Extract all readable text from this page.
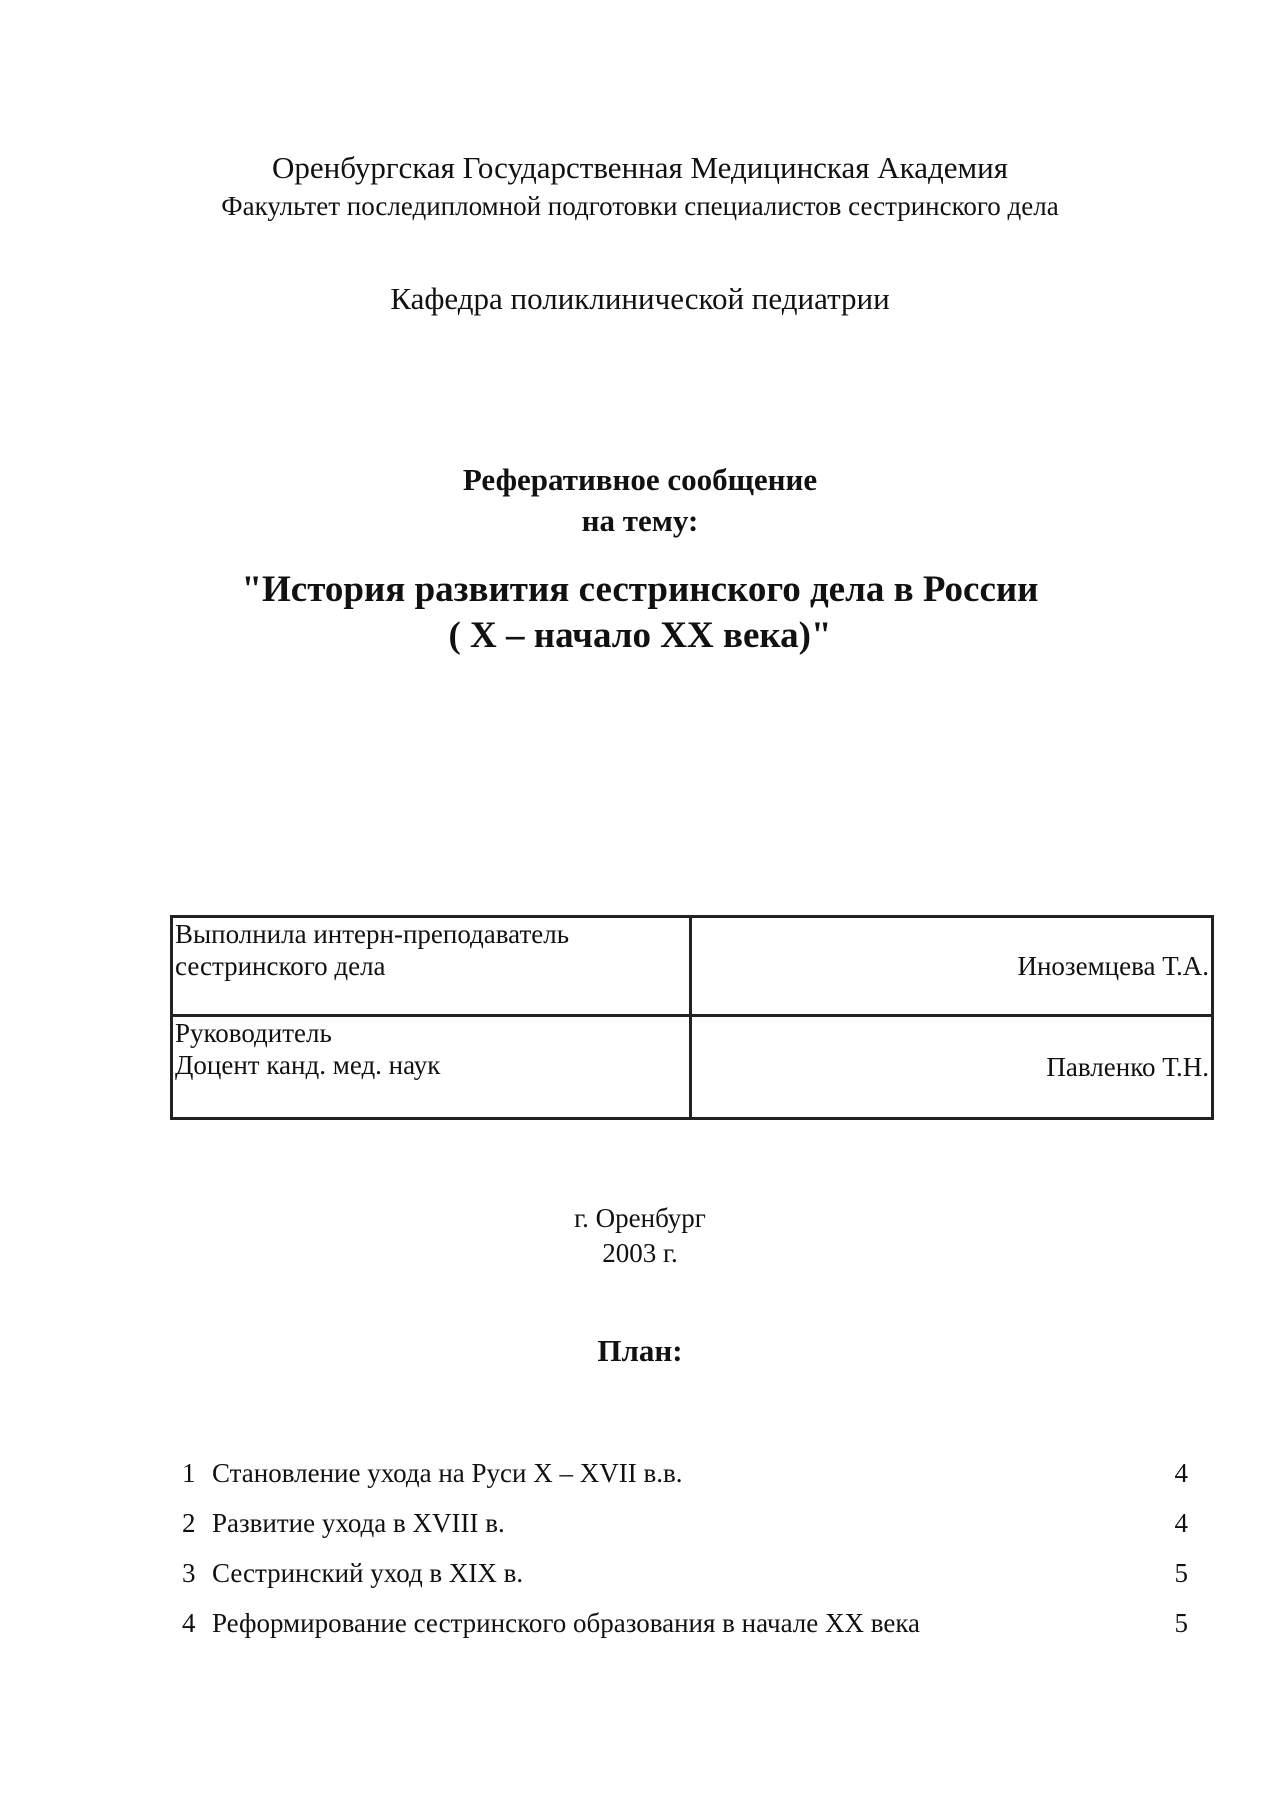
Оренбургская Государственная Медицинская Академия
Факультет последипломной подготовки специалистов сестринского дела
Кафедра поликлинической педиатрии
Реферативное сообщение
на тему:
"История развития сестринского дела в России
( X – начало XX века)"
Выполнила интерн-преподаватель
сестринского дела	Иноземцева Т.А.

Руководитель
Доцент канд. мед. наук	Павленко Т.Н.
г. Оренбург
2003 г.
План:
1 Становление ухода на Руси X – XVII в.в.	4
2 Развитие ухода в XVIII в.	4
3 Сестринский уход в XIX в.	5
4 Реформирование сестринского образования в начале XX века	5
